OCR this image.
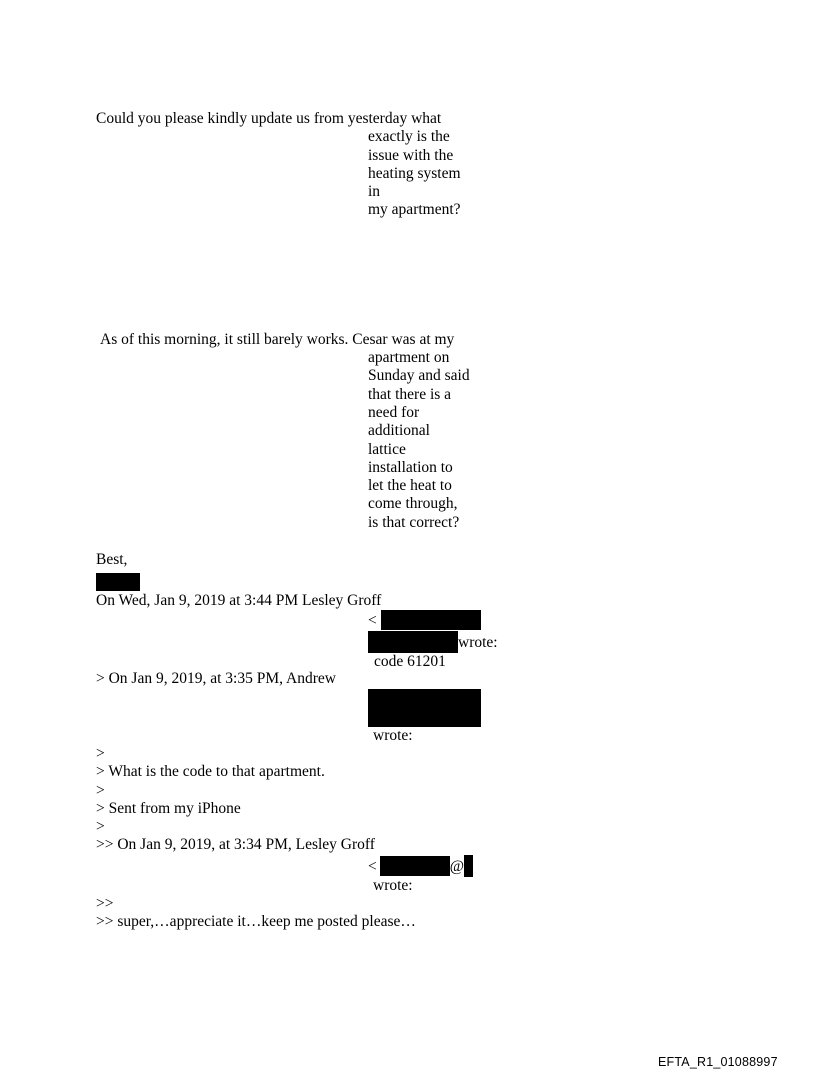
Could you please kindly update us from yesterday what
exactly is the
issue with the
heating system
in
my apartment?
As of this morning, it still barely works. Cesar was at my
apartment on
Sunday and said
that there is a
need for
additional
lattice
installation to
let the heat to
come through,
is that correct?
Best,
On Wed, Jan 9, 2019 at 3:44 PM Lesley Groff
<
wrote:
code 61201
> On Jan 9, 2019, at 3:35 PM, Andrew
wrote:
>
> What is the code to that apartment.
>
> Sent from my iPhone
>
>> On Jan 9, 2019, at 3:34 PM, Lesley Groff
<	@
wrote:
>>
>> super,…appreciate it…keep me posted please…
EFTA_R1_01088997
